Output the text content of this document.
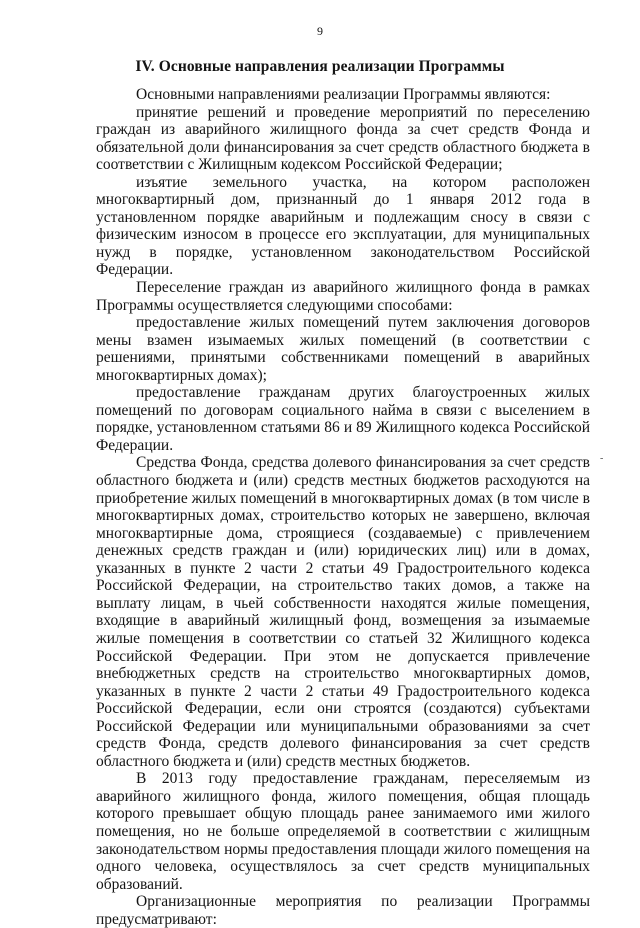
9
IV. Основные направления реализации Программы

Основными направлениями реализации Программы являются:

принятие решений и проведение мероприятий по переселению граждан из аварийного жилищного фонда за счет средств Фонда и обязательной доли финансирования за счет средств областного бюджета в соответствии с Жилищным кодексом Российской Федерации;

изъятие земельного участка, на котором расположен многоквартирный дом, признанный до 1 января 2012 года в установленном порядке аварийным и подлежащим сносу в связи с физическим износом в процессе его эксплуатации, для муниципальных нужд в порядке, установленном законодательством Российской Федерации.

Переселение граждан из аварийного жилищного фонда в рамках Программы осуществляется следующими способами:

предоставление жилых помещений путем заключения договоров мены взамен изымаемых жилых помещений (в соответствии с решениями, принятыми собственниками помещений в аварийных многоквартирных домах);

предоставление гражданам других благоустроенных жилых помещений по договорам социального найма в связи с выселением в порядке, установленном статьями 86 и 89 Жилищного кодекса Российской Федерации.

Средства Фонда, средства долевого финансирования за счет средств областного бюджета и (или) средств местных бюджетов расходуются на приобретение жилых помещений в многоквартирных домах (в том числе в многоквартирных домах, строительство которых не завершено, включая многоквартирные дома, строящиеся (создаваемые) с привлечением денежных средств граждан и (или) юридических лиц) или в домах, указанных в пункте 2 части 2 статьи 49 Градостроительного кодекса Российской Федерации, на строительство таких домов, а также на выплату лицам, в чьей собственности находятся жилые помещения, входящие в аварийный жилищный фонд, возмещения за изымаемые жилые помещения в соответствии со статьей 32 Жилищного кодекса Российской Федерации. При этом не допускается привлечение внебюджетных средств на строительство многоквартирных домов, указанных в пункте 2 части 2 статьи 49 Градостроительного кодекса Российской Федерации, если они строятся (создаются) субъектами Российской Федерации или муниципальными образованиями за счет средств Фонда, средств долевого финансирования за счет средств областного бюджета и (или) средств местных бюджетов.

В 2013 году предоставление гражданам, переселяемым из аварийного жилищного фонда, жилого помещения, общая площадь которого превышает общую площадь ранее занимаемого ими жилого помещения, но не больше определяемой в соответствии с жилищным законодательством нормы предоставления площади жилого помещения на одного человека, осуществлялось за счет средств муниципальных образований.

Организационные мероприятия по реализации Программы предусматривают:

-
